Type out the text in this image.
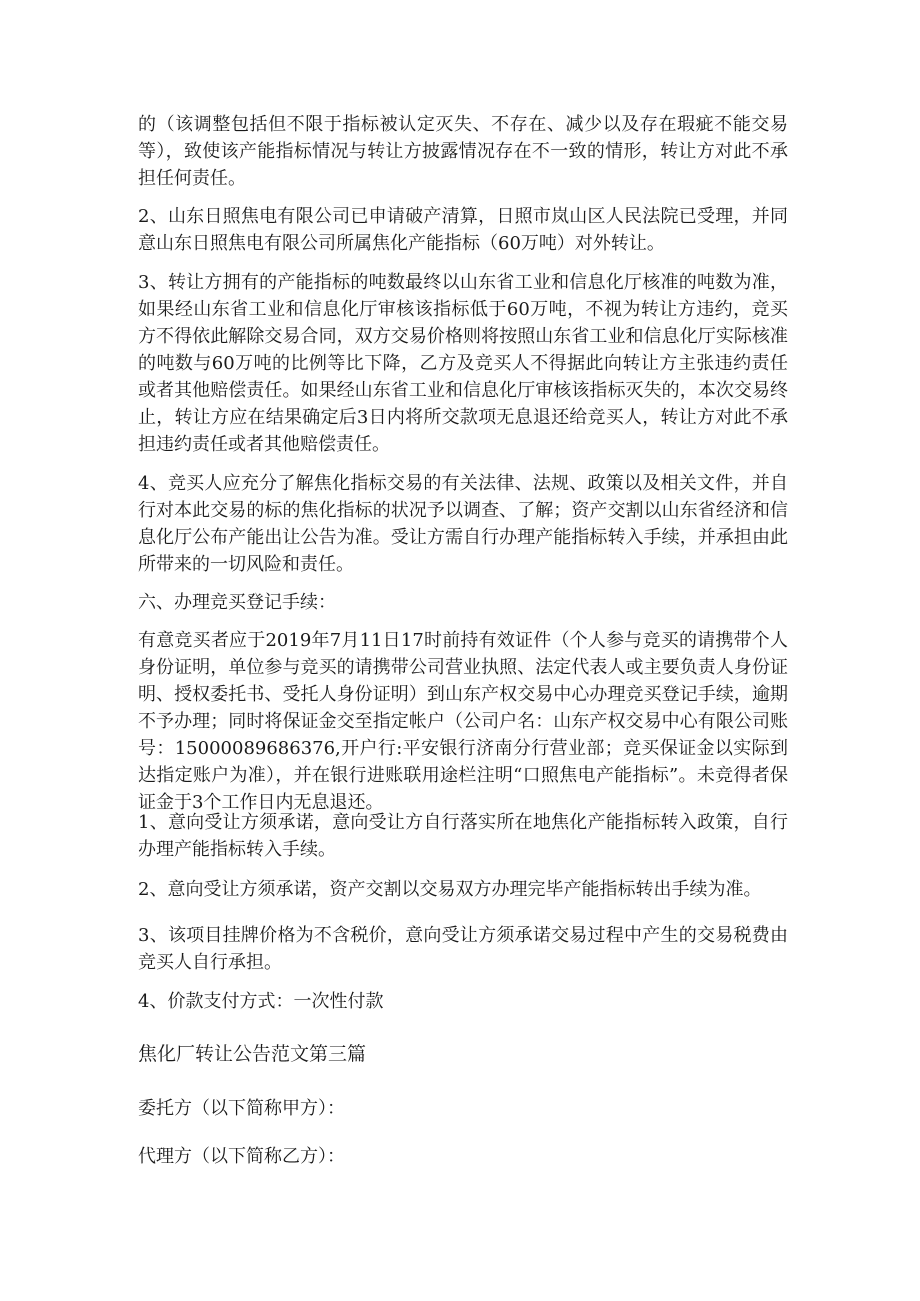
的（该调整包括但不限于指标被认定灭失、不存在、减少以及存在瑕疵不能交易等），致使该产能指标情况与转让方披露情况存在不一致的情形，转让方对此不承担任何责任。

2、山东日照焦电有限公司已申请破产清算，日照市岚山区人民法院已受理，并同意山东日照焦电有限公司所属焦化产能指标（60万吨）对外转让。

3、转让方拥有的产能指标的吨数最终以山东省工业和信息化厅核准的吨数为准，如果经山东省工业和信息化厅审核该指标低于60万吨，不视为转让方违约，竞买方不得依此解除交易合同，双方交易价格则将按照山东省工业和信息化厅实际核准的吨数与60万吨的比例等比下降，乙方及竞买人不得据此向转让方主张违约责任或者其他赔偿责任。如果经山东省工业和信息化厅审核该指标灭失的，本次交易终止，转让方应在结果确定后3日内将所交款项无息退还给竞买人，转让方对此不承担违约责任或者其他赔偿责任。

4、竞买人应充分了解焦化指标交易的有关法律、法规、政策以及相关文件，并自行对本此交易的标的焦化指标的状况予以调查、了解；资产交割以山东省经济和信息化厅公布产能出让公告为准。受让方需自行办理产能指标转入手续，并承担由此所带来的一切风险和责任。

六、办理竞买登记手续：

有意竞买者应于2019年7月11日17时前持有效证件（个人参与竞买的请携带个人身份证明，单位参与竞买的请携带公司营业执照、法定代表人或主要负责人身份证明、授权委托书、受托人身份证明）到山东产权交易中心办理竞买登记手续，逾期不予办理；同时将保证金交至指定帐户（公司户名：山东产权交易中心有限公司账号：15000089686376,开户行:平安银行济南分行营业部；竞买保证金以实际到达指定账户为准），并在银行进账联用途栏注明“口照焦电产能指标”。未竞得者保证金于3个工作日内无息退还。

1、意向受让方须承诺，意向受让方自行落实所在地焦化产能指标转入政策，自行办理产能指标转入手续。

2、意向受让方须承诺，资产交割以交易双方办理完毕产能指标转出手续为准。

3、该项目挂牌价格为不含税价，意向受让方须承诺交易过程中产生的交易税费由竞买人自行承担。

4、价款支付方式：一次性付款

焦化厂转让公告范文第三篇

委托方（以下简称甲方）：

代理方（以下简称乙方）：
